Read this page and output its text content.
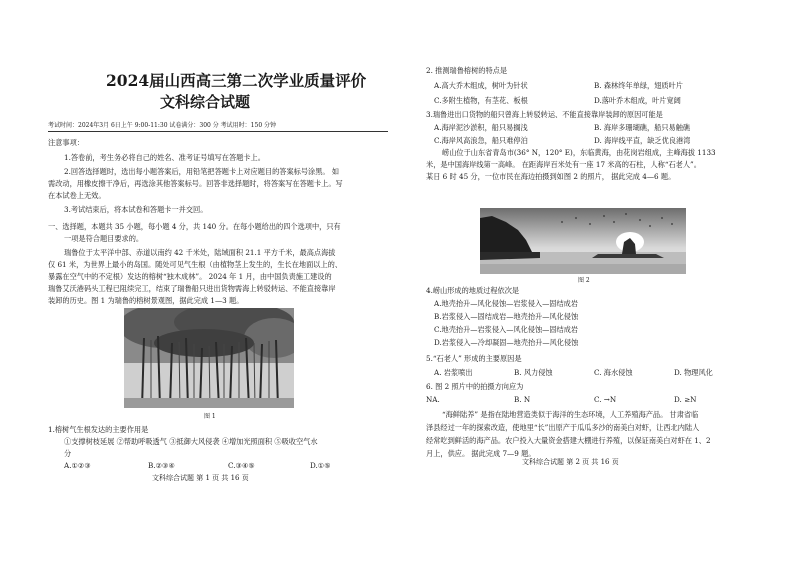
2024届山西高三第二次学业质量评价
文科综合试题
考试时间：2024年3月 6日上午 9:00-11:30 试卷满分：300 分 考试用时：150 分钟
注意事项：
1.答卷前，考生务必将自己的姓名、准考证号填写在答题卡上。
2.回答选择题时，选出每小题答案后，用铅笔把答题卡上对应题目的答案标号涂黑。 如
需改动，用橡皮擦干净后，再选涂其他答案标号。回答非选择题时，将答案写在答题卡上。写
在本试卷上无效。
3.考试结束后，将本试卷和答题卡一并交回。
一、选择题，本题共 35 小题，每小题 4 分，共 140 分。在每小题给出的四个选项中，只有
一项是符合题目要求的。
瑞鲁位于太平洋中部、赤道以南约 42 千米处，陆域面积 21.1 平方千米，最高点海拔
仅 61 米，为世界上最小的岛国。随处可见气生根（由植物茎上发生的，生长在地面以上的、
暴露在空气中的不定根）发达的榕树“独木成林”。 2024 年 1 月，由中国负责施工建设的
瑞鲁艾沃港码头工程已阻续完工，结束了瑞鲁船只进出货物需海上转驳转运、不能直接靠岸
装卸的历史。图 1 为瑞鲁的榕树景观图，据此完成 1—3 题。
图 1
1.榕树气生根发达的主要作用是
①支撑树枝延展 ②帮助呼吸透气 ③抵御大风侵袭 ④增加光照面积 ⑤吸收空气水
分
A.①②③	B.②③④	C.③④⑤	D.①⑤
文科综合试题 第 1 页 共 16 页
2. 推测瑞鲁榕树的特点是
A.高大乔木组成，树叶为针状	B. 森林终年单绿，翅质叶片
C.多附生植物，有茎花、板根	D.落叶乔木组成，叶片宽阔
3.瑞鲁进出口货物的船只曾海上转驳转运、不能直接靠岸装卸的原因可能是
A.海岸泥沙淤积，船只易搁浅	B. 海岸多珊瑚礁，船只易触礁
C.海岸风高浪急，船只难停泊	D. 海岸线平直，缺乏优良港湾
崂山位于山东省青岛市(36° N，120° E)，东临黄海，由花岗岩组成，主峰海拔 1133
米，是中国海岸线第一高峰。 在距海岸百米处有一座 17 米高的石柱，人称“石老人”。
某日 6 时 45 分，一位市民在海边拍摄到如图 2 的照片， 据此完成 4—6 题。
图 2
4.崂山形成的地质过程依次是
A.地壳抬升—风化侵蚀—岩浆侵入—固结成岩
B.岩浆侵入—固结成岩—地壳抬升—风化侵蚀
C.地壳抬升—岩浆侵入—风化侵蚀—固结成岩
D.岩浆侵入—冷却凝固—地壳抬升—风化侵蚀
5.“石老人” 形成的主要原因是
A. 岩浆喷出	B. 风力侵蚀	C. 海水侵蚀	D. 物理风化
6. 图 2 照片中的拍摄方向应为
NA.	B. N	C. →N	D. ≥N
“海鲜陆养” 是指在陆地营造类似于海洋的生态环境，人工养殖海产品。 甘肃省临
泽县经过一年的探索改造，使地里“长”出原产于瓜瓜多沙的南美白对虾，让西北内陆人
经常吃到鲜活的海产品。农户投入大量资金搭建大棚进行养殖，以保证南美白对虾在 1、2
月上，供应。 据此完成 7—9 题。
文科综合试题 第 2 页 共 16 页
